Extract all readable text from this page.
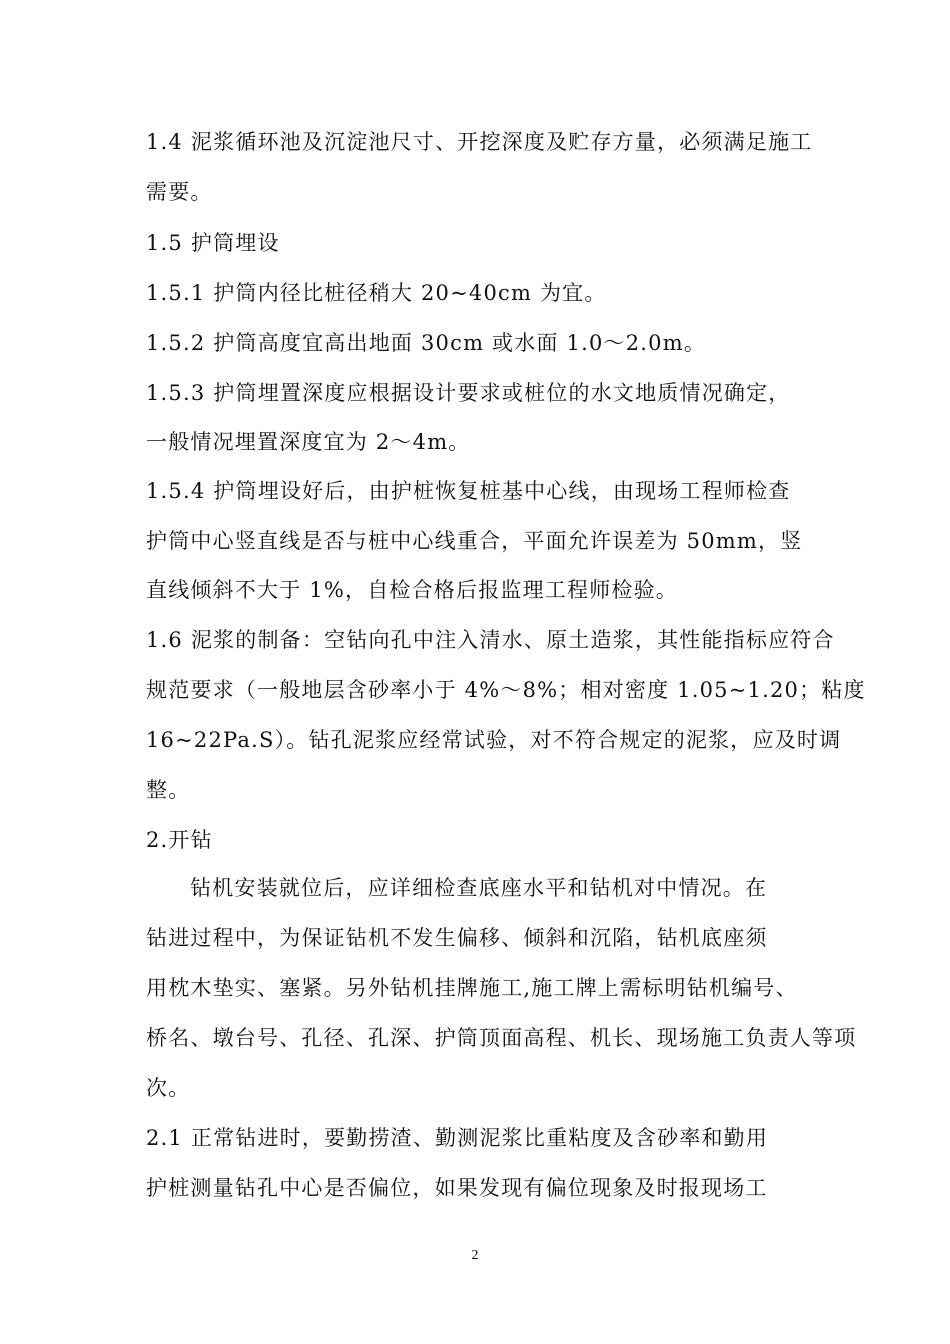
1.4 泥浆循环池及沉淀池尺寸、开挖深度及贮存方量，必须满足施工
需要。
1.5 护筒埋设
1.5.1 护筒内径比桩径稍大 20~40cm 为宜。
1.5.2 护筒高度宜高出地面 30cm 或水面 1.0～2.0m。
1.5.3 护筒埋置深度应根据设计要求或桩位的水文地质情况确定，
一般情况埋置深度宜为 2～4m。
1.5.4 护筒埋设好后，由护桩恢复桩基中心线，由现场工程师检查
护筒中心竖直线是否与桩中心线重合，平面允许误差为 50mm，竖
直线倾斜不大于 1%，自检合格后报监理工程师检验。
1.6 泥浆的制备：空钻向孔中注入清水、原土造浆，其性能指标应符合
规范要求（一般地层含砂率小于 4%～8%；相对密度 1.05~1.20；粘度
16~22Pa.S）。钻孔泥浆应经常试验，对不符合规定的泥浆，应及时调
整。
2.开钻
钻机安装就位后，应详细检查底座水平和钻机对中情况。在
钻进过程中，为保证钻机不发生偏移、倾斜和沉陷，钻机底座须
用枕木垫实、塞紧。另外钻机挂牌施工,施工牌上需标明钻机编号、
桥名、墩台号、孔径、孔深、护筒顶面高程、机长、现场施工负责人等项
次。
2.1 正常钻进时，要勤捞渣、勤测泥浆比重粘度及含砂率和勤用
护桩测量钻孔中心是否偏位，如果发现有偏位现象及时报现场工
2
